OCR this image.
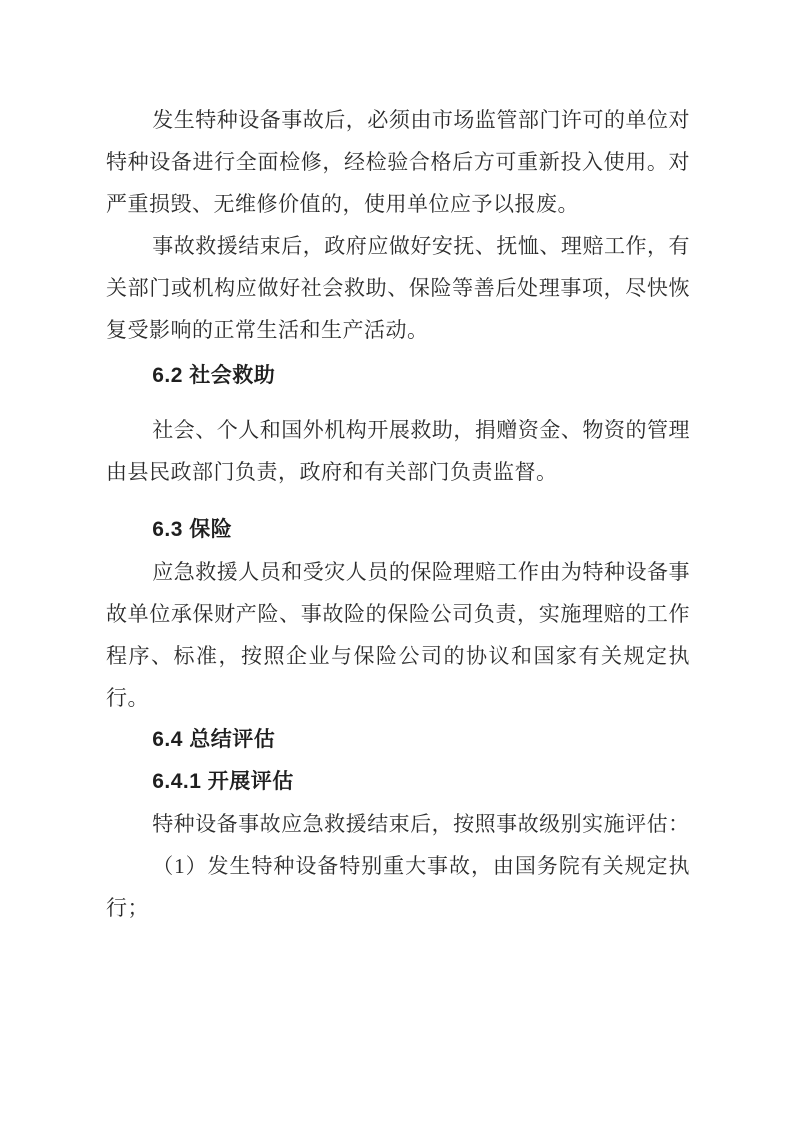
发生特种设备事故后，必须由市场监管部门许可的单位对特种设备进行全面检修，经检验合格后方可重新投入使用。对严重损毁、无维修价值的，使用单位应予以报废。

事故救援结束后，政府应做好安抚、抚恤、理赔工作，有关部门或机构应做好社会救助、保险等善后处理事项，尽快恢复受影响的正常生活和生产活动。

6.2 社会救助

社会、个人和国外机构开展救助，捐赠资金、物资的管理由县民政部门负责，政府和有关部门负责监督。

6.3 保险

应急救援人员和受灾人员的保险理赔工作由为特种设备事故单位承保财产险、事故险的保险公司负责，实施理赔的工作程序、标准，按照企业与保险公司的协议和国家有关规定执行。

6.4 总结评估
6.4.1 开展评估

特种设备事故应急救援结束后，按照事故级别实施评估：

（1）发生特种设备特别重大事故，由国务院有关规定执行；
